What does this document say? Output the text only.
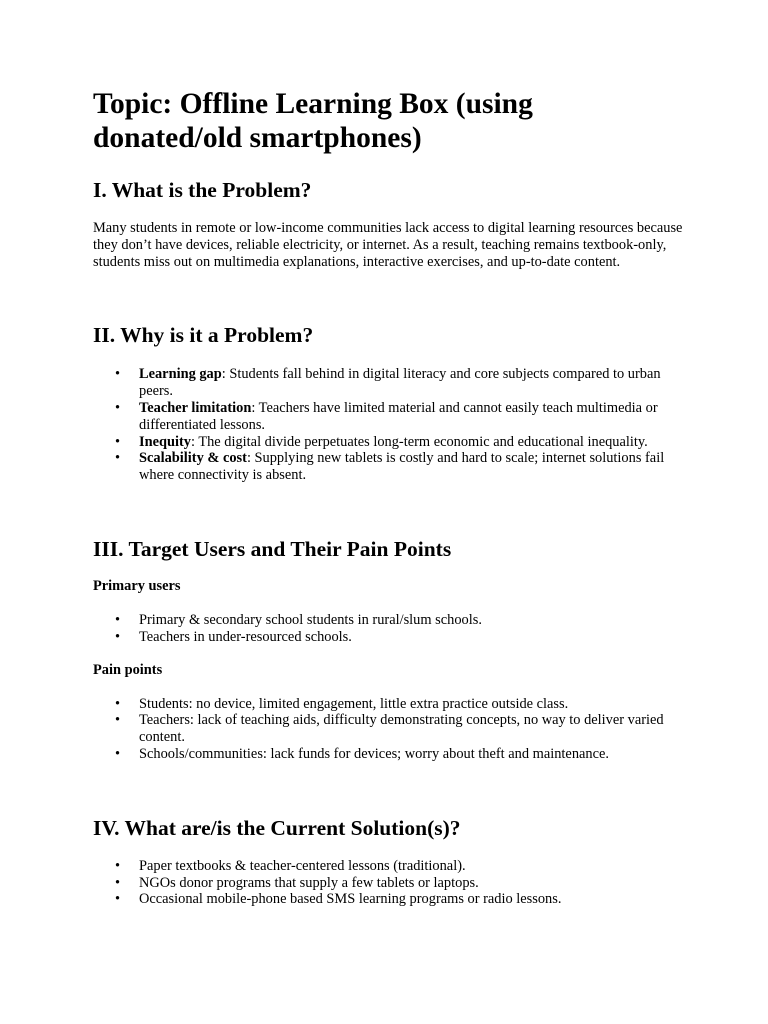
Topic: Offline Learning Box (using donated/old smartphones)
I. What is the Problem?

Many students in remote or low-income communities lack access to digital learning resources because they don’t have devices, reliable electricity, or internet. As a result, teaching remains textbook-only, students miss out on multimedia explanations, interactive exercises, and up-to-date content.

II. Why is it a Problem?
• Learning gap: Students fall behind in digital literacy and core subjects compared to urban peers.
• Teacher limitation: Teachers have limited material and cannot easily teach multimedia or differentiated lessons.
• Inequity: The digital divide perpetuates long-term economic and educational inequality.
• Scalability & cost: Supplying new tablets is costly and hard to scale; internet solutions fail where connectivity is absent.
III. Target Users and Their Pain Points
Primary users
• Primary & secondary school students in rural/slum schools.
• Teachers in under-resourced schools.
Pain points
• Students: no device, limited engagement, little extra practice outside class.
• Teachers: lack of teaching aids, difficulty demonstrating concepts, no way to deliver varied content.
• Schools/communities: lack funds for devices; worry about theft and maintenance.
IV. What are/is the Current Solution(s)?
• Paper textbooks & teacher-centered lessons (traditional).
• NGOs donor programs that supply a few tablets or laptops.
• Occasional mobile-phone based SMS learning programs or radio lessons.
